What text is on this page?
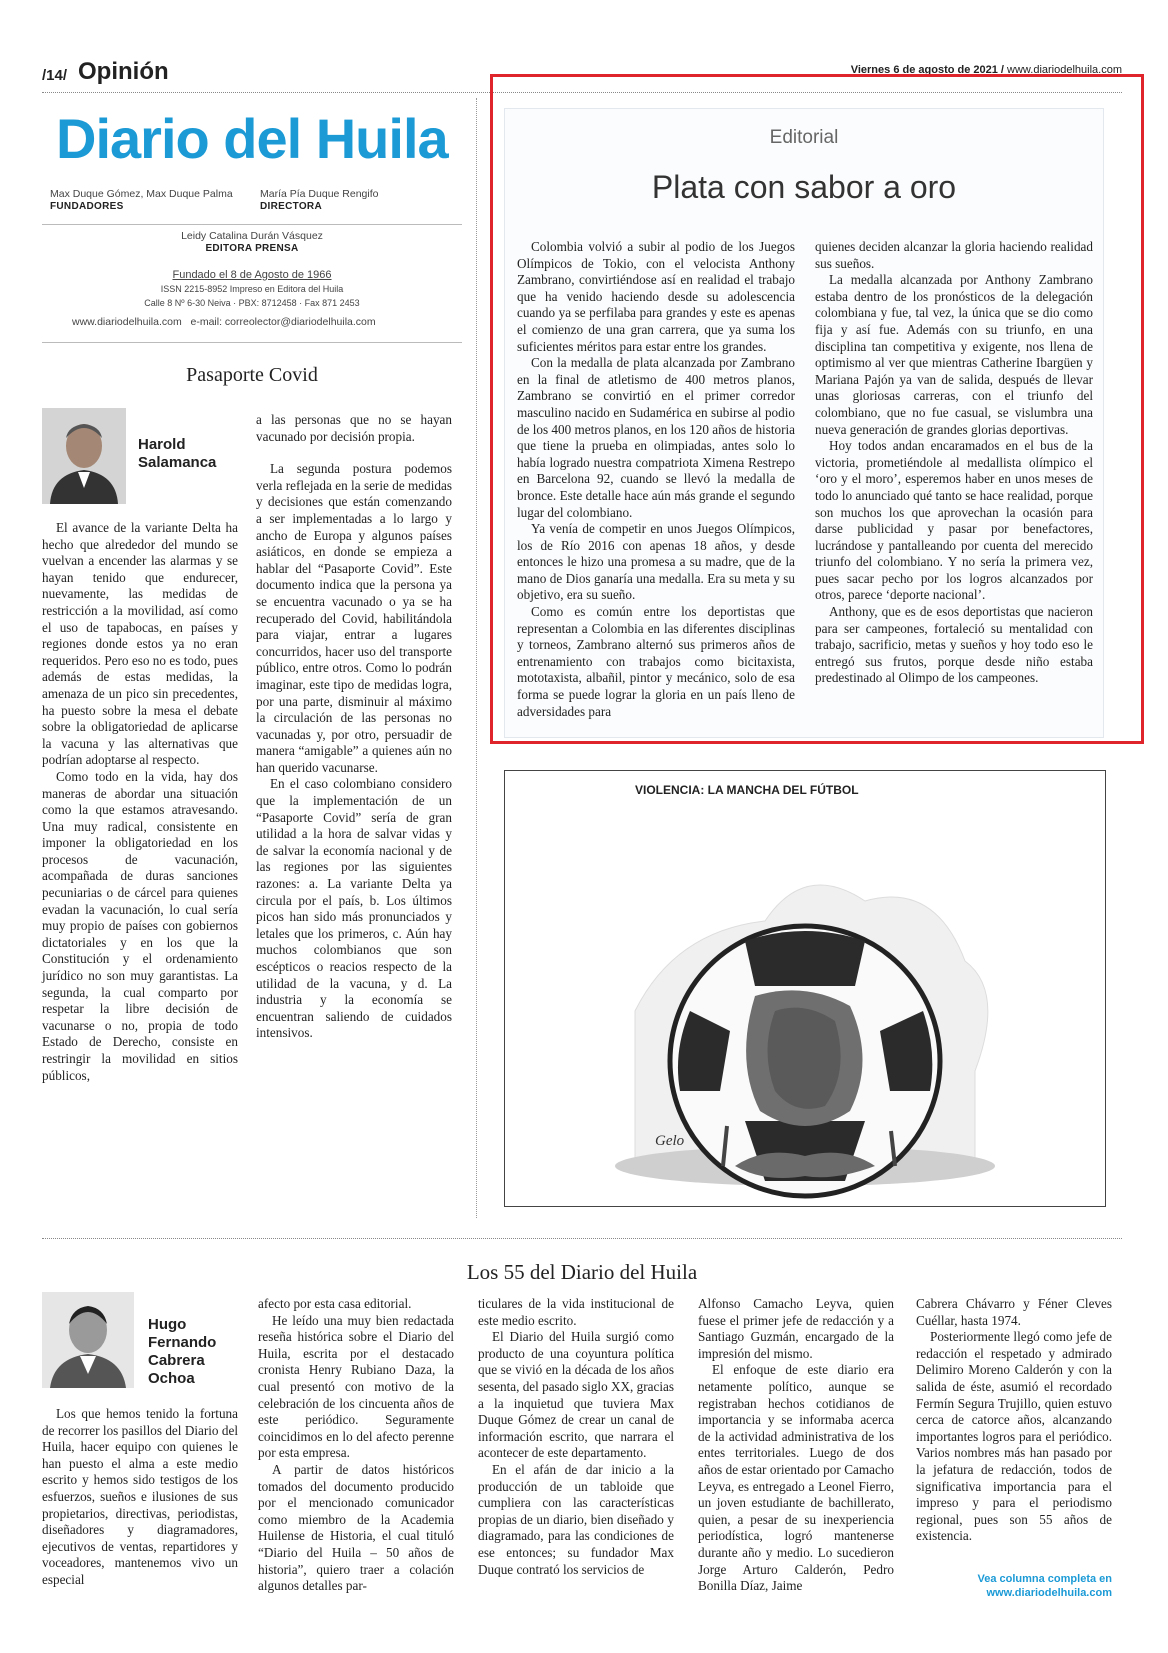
/14/ Opinión	Viernes 6 de agosto de 2021 / www.diariodelhuila.com
Diario del Huila
Max Duque Gómez, Max Duque Palma
FUNDADORES
María Pía Duque Rengifo
DIRECTORA
Leidy Catalina Durán Vásquez
EDITORA PRENSA
Fundado el 8 de Agosto de 1966
ISSN 2215-8952 Impreso en Editora del Huila
Calle 8 Nº 6-30 Neiva · PBX: 8712458 · Fax 871 2453
www.diariodelhuila.com e-mail: correolector@diariodelhuila.com
Pasaporte Covid
Harold
Salamanca

El avance de la variante Delta ha hecho que alrededor del mundo se vuelvan a encender las alarmas y se hayan tenido que endurecer, nuevamente, las medidas de restricción a la movilidad, así como el uso de tapabocas, en países y regiones donde estos ya no eran requeridos. Pero eso no es todo, pues además de estas medidas, la amenaza de un pico sin precedentes, ha puesto sobre la mesa el debate sobre la obligatoriedad de aplicarse la vacuna y las alternativas que podrían adoptarse al respecto.

Como todo en la vida, hay dos maneras de abordar una situación como la que estamos atravesando. Una muy radical, consistente en imponer la obligatoriedad en los procesos de vacunación, acompañada de duras sanciones pecuniarias o de cárcel para quienes evadan la vacunación, lo cual sería muy propio de países con gobiernos dictatoriales y en los que la Constitución y el ordenamiento jurídico no son muy garantistas. La segunda, la cual comparto por respetar la libre decisión de vacunarse o no, propia de todo Estado de Derecho, consiste en restringir la movilidad en sitios públicos,

a las personas que no se hayan vacunado por decisión propia.

La segunda postura podemos verla reflejada en la serie de medidas y decisiones que están comenzando a ser implementadas a lo largo y ancho de Europa y algunos países asiáticos, en donde se empieza a hablar del “Pasaporte Covid”. Este documento indica que la persona ya se encuentra vacunado o ya se ha recuperado del Covid, habilitándola para viajar, entrar a lugares concurridos, hacer uso del transporte público, entre otros. Como lo podrán imaginar, este tipo de medidas logra, por una parte, disminuir al máximo la circulación de las personas no vacunadas y, por otro, persuadir de manera “amigable” a quienes aún no han querido vacunarse.

En el caso colombiano considero que la implementación de un “Pasaporte Covid” sería de gran utilidad a la hora de salvar vidas y de salvar la economía nacional y de las regiones por las siguientes razones: a. La variante Delta ya circula por el país, b. Los últimos picos han sido más pronunciados y letales que los primeros, c. Aún hay muchos colombianos que son escépticos o reacios respecto de la utilidad de la vacuna, y d. La industria y la economía se encuentran saliendo de cuidados intensivos.

Editorial
Plata con sabor a oro

Colombia volvió a subir al podio de los Juegos Olímpicos de Tokio, con el velocista Anthony Zambrano, convirtiéndose así en realidad el trabajo que ha venido haciendo desde su adolescencia cuando ya se perfilaba para grandes y este es apenas el comienzo de una gran carrera, que ya suma los suficientes méritos para estar entre los grandes.

Con la medalla de plata alcanzada por Zambrano en la final de atletismo de 400 metros planos, Zambrano se convirtió en el primer corredor masculino nacido en Sudamérica en subirse al podio de los 400 metros planos, en los 120 años de historia que tiene la prueba en olimpiadas, antes solo lo había logrado nuestra compatriota Ximena Restrepo en Barcelona 92, cuando se llevó la medalla de bronce. Este detalle hace aún más grande el segundo lugar del colombiano.

Ya venía de competir en unos Juegos Olímpicos, los de Río 2016 con apenas 18 años, y desde entonces le hizo una promesa a su madre, que de la mano de Dios ganaría una medalla. Era su meta y su objetivo, era su sueño.

Como es común entre los deportistas que representan a Colombia en las diferentes disciplinas y torneos, Zambrano alternó sus primeros años de entrenamiento con trabajos como bicitaxista, mototaxista, albañil, pintor y mecánico, solo de esa forma se puede lograr la gloria en un país lleno de adversidades para

quienes deciden alcanzar la gloria haciendo realidad sus sueños.

La medalla alcanzada por Anthony Zambrano estaba dentro de los pronósticos de la delegación colombiana y fue, tal vez, la única que se dio como fija y así fue. Además con su triunfo, en una disciplina tan competitiva y exigente, nos llena de optimismo al ver que mientras Catherine Ibargüen y Mariana Pajón ya van de salida, después de llevar unas gloriosas carreras, con el triunfo del colombiano, que no fue casual, se vislumbra una nueva generación de grandes glorias deportivas.

Hoy todos andan encaramados en el bus de la victoria, prometiéndole al medallista olímpico el ‘oro y el moro’, esperemos haber en unos meses de todo lo anunciado qué tanto se hace realidad, porque son muchos los que aprovechan la ocasión para darse publicidad y pasar por benefactores, lucrándose y pantalleando por cuenta del merecido triunfo del colombiano. Y no sería la primera vez, pues sacar pecho por los logros alcanzados por otros, parece ‘deporte nacional’.

Anthony, que es de esos deportistas que nacieron para ser campeones, fortaleció su mentalidad con trabajo, sacrificio, metas y sueños y hoy todo eso le entregó sus frutos, porque desde niño estaba predestinado al Olimpo de los campeones.

VIOLENCIA: LA MANCHA DEL FÚTBOL
Gelo
Los 55 del Diario del Huila
Hugo
Fernando
Cabrera
Ochoa

Los que hemos tenido la fortuna de recorrer los pasillos del Diario del Huila, hacer equipo con quienes le han puesto el alma a este medio escrito y hemos sido testigos de los esfuerzos, sueños e ilusiones de sus propietarios, directivas, periodistas, diseñadores y diagramadores, ejecutivos de ventas, repartidores y voceadores, mantenemos vivo un especial

afecto por esta casa editorial.

He leído una muy bien redactada reseña histórica sobre el Diario del Huila, escrita por el destacado cronista Henry Rubiano Daza, la cual presentó con motivo de la celebración de los cincuenta años de este periódico. Seguramente coincidimos en lo del afecto perenne por esta empresa.

A partir de datos históricos tomados del documento producido por el mencionado comunicador como miembro de la Academia Huilense de Historia, el cual tituló “Diario del Huila – 50 años de historia”, quiero traer a colación algunos detalles par-

ticulares de la vida institucional de este medio escrito.

El Diario del Huila surgió como producto de una coyuntura política que se vivió en la década de los años sesenta, del pasado siglo XX, gracias a la inquietud que tuviera Max Duque Gómez de crear un canal de información escrito, que narrara el acontecer de este departamento.

En el afán de dar inicio a la producción de un tabloide que cumpliera con las características propias de un diario, bien diseñado y diagramado, para las condiciones de ese entonces; su fundador Max Duque contrató los servicios de

Alfonso Camacho Leyva, quien fuese el primer jefe de redacción y a Santiago Guzmán, encargado de la impresión del mismo.

El enfoque de este diario era netamente político, aunque se registraban hechos cotidianos de importancia y se informaba acerca de la actividad administrativa de los entes territoriales. Luego de dos años de estar orientado por Camacho Leyva, es entregado a Leonel Fierro, un joven estudiante de bachillerato, quien, a pesar de su inexperiencia periodística, logró mantenerse durante año y medio. Lo sucedieron Jorge Arturo Calderón, Pedro Bonilla Díaz, Jaime

Cabrera Chávarro y Féner Cleves Cuéllar, hasta 1974.

Posteriormente llegó como jefe de redacción el respetado y admirado Delimiro Moreno Calderón y con la salida de éste, asumió el recordado Fermín Segura Trujillo, quien estuvo cerca de catorce años, alcanzando importantes logros para el periódico. Varios nombres más han pasado por la jefatura de redacción, todos de significativa importancia para el impreso y para el periodismo regional, pues son 55 años de existencia.

Vea columna completa en
www.diariodelhuila.com
